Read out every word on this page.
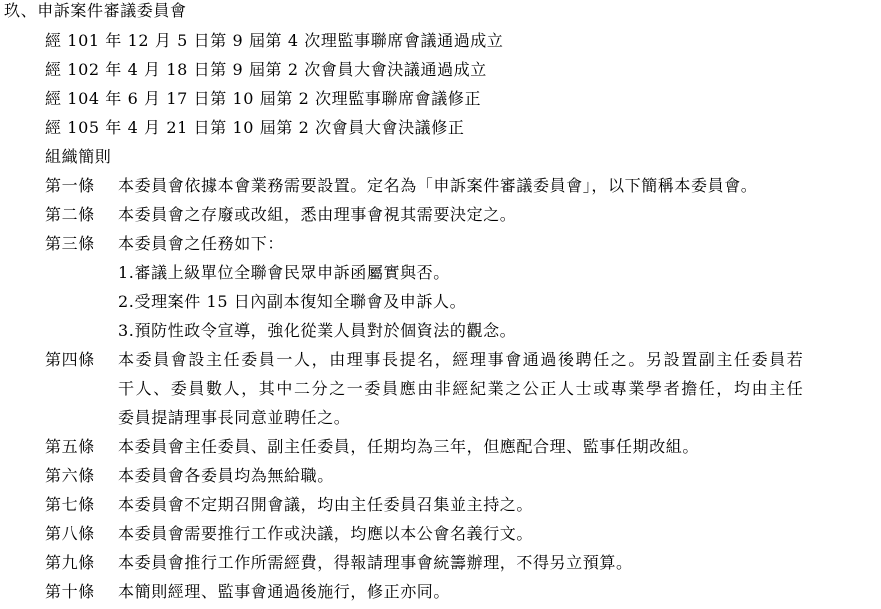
玖、申訴案件審議委員會
經 101 年 12 月 5 日第 9 屆第 4 次理監事聯席會議通過成立
經 102 年 4 月 18 日第 9 屆第 2 次會員大會決議通過成立
經 104 年 6 月 17 日第 10 屆第 2 次理監事聯席會議修正
經 105 年 4 月 21 日第 10 屆第 2 次會員大會決議修正
組織簡則
第一條 本委員會依據本會業務需要設置。定名為「申訴案件審議委員會」，以下簡稱本委員會。
第二條 本委員會之存廢或改組，悉由理事會視其需要決定之。
第三條 本委員會之任務如下：
1.審議上級單位全聯會民眾申訴函屬實與否。
2.受理案件 15 日內副本復知全聯會及申訴人。
3.預防性政令宣導，強化從業人員對於個資法的觀念。
第四條 本委員會設主任委員一人，由理事長提名，經理事會通過後聘任之。另設置副主任委員若
干人、委員數人，其中二分之一委員應由非經紀業之公正人士或專業學者擔任，均由主任
委員提請理事長同意並聘任之。
第五條 本委員會主任委員、副主任委員，任期均為三年，但應配合理、監事任期改組。
第六條 本委員會各委員均為無給職。
第七條 本委員會不定期召開會議，均由主任委員召集並主持之。
第八條 本委員會需要推行工作或決議，均應以本公會名義行文。
第九條 本委員會推行工作所需經費，得報請理事會統籌辦理，不得另立預算。
第十條 本簡則經理、監事會通過後施行，修正亦同。
